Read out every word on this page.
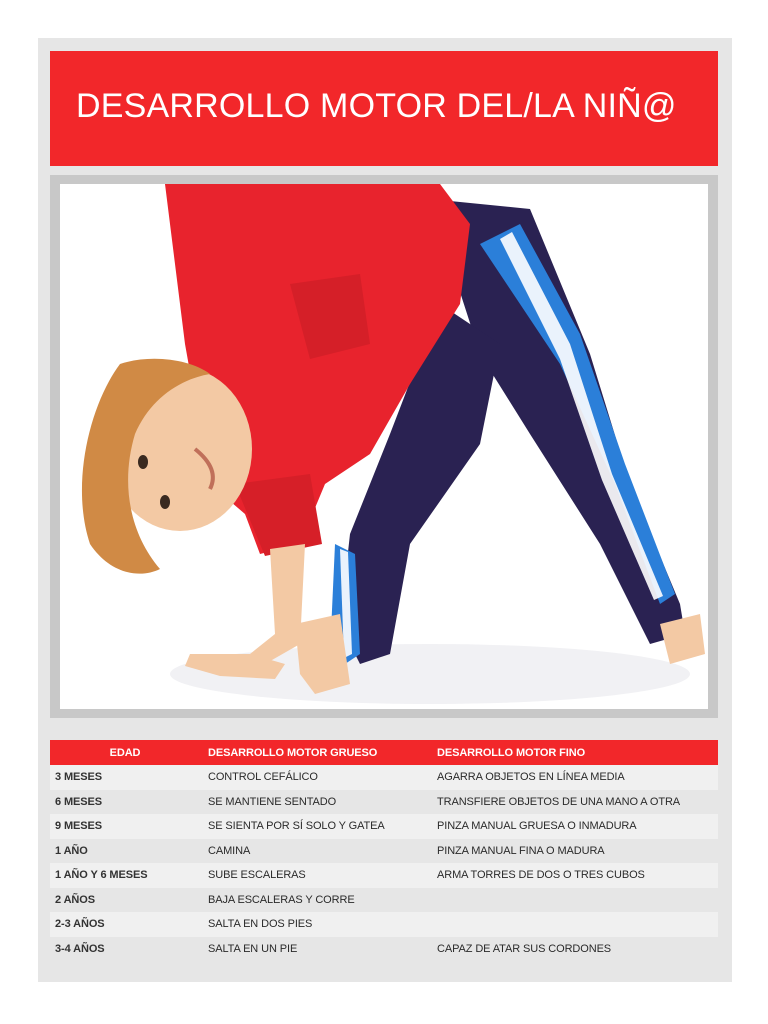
DESARROLLO MOTOR DEL/LA NIÑ@
EDAD	DESARROLLO MOTOR GRUESO	DESARROLLO MOTOR FINO
3 MESES	CONTROL CEFÁLICO	AGARRA OBJETOS EN LÍNEA MEDIA
6 MESES	SE MANTIENE SENTADO	TRANSFIERE OBJETOS DE UNA MANO A OTRA
9 MESES	SE SIENTA POR SÍ SOLO Y GATEA	PINZA MANUAL GRUESA O INMADURA
1 AÑO	CAMINA	PINZA MANUAL FINA O MADURA
1 AÑO Y 6 MESES	SUBE ESCALERAS	ARMA TORRES DE DOS O TRES CUBOS
2 AÑOS	BAJA ESCALERAS Y CORRE
2-3 AÑOS	SALTA EN DOS PIES
3-4 AÑOS	SALTA EN UN PIE	CAPAZ DE ATAR SUS CORDONES
